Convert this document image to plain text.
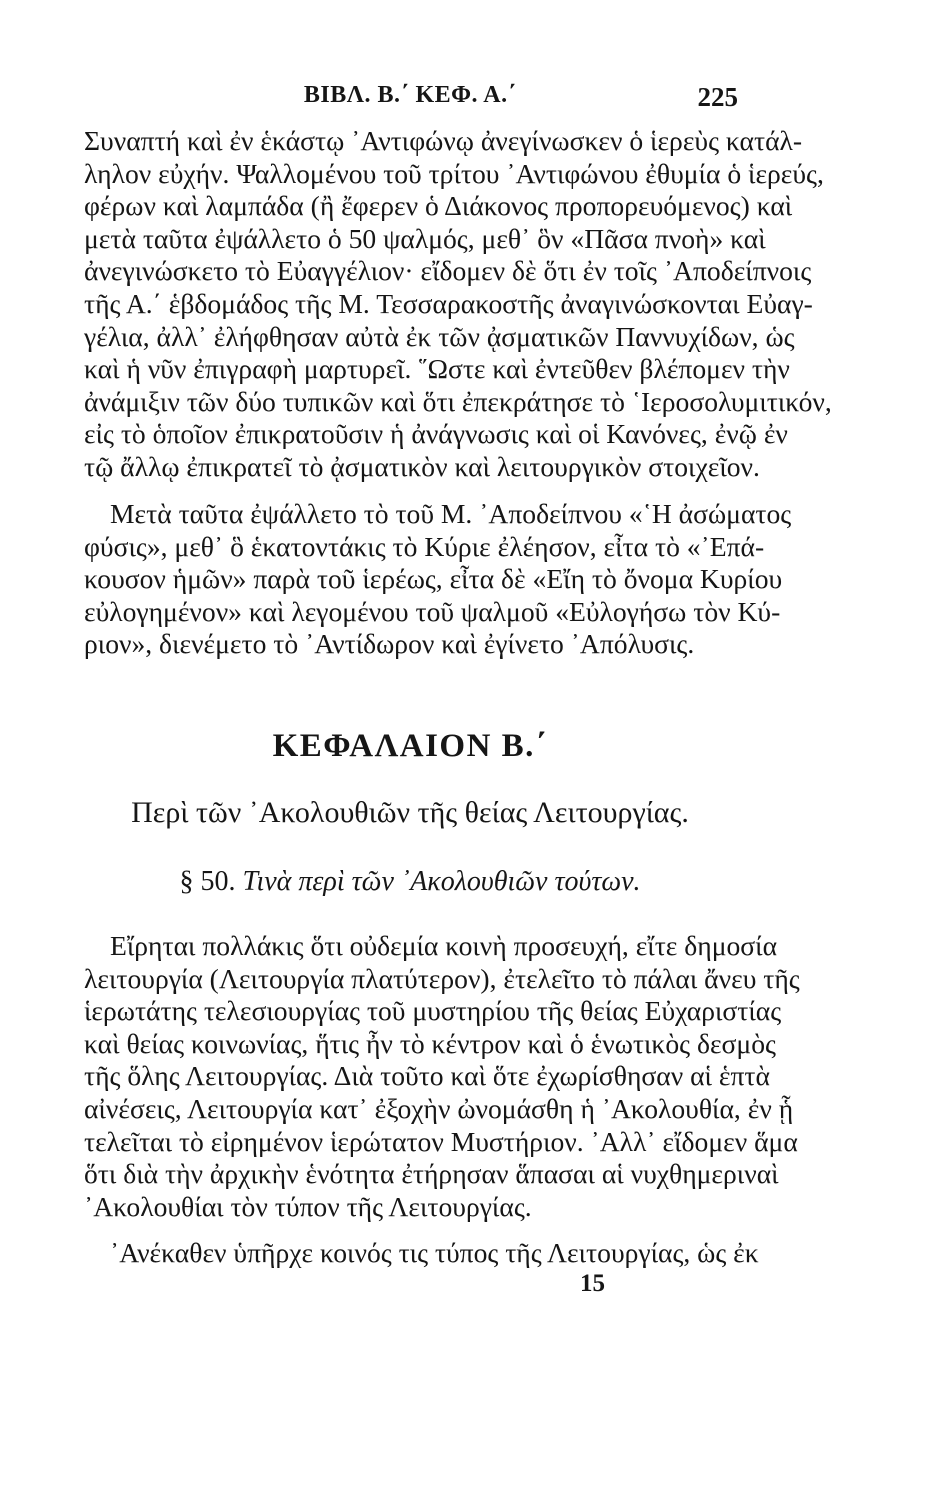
ΒΙΒΛ. Β.΄ ΚΕΦ. Α.΄	225
Συναπτή καὶ ἐν ἑκάστῳ ᾿Αντιφώνῳ ἀνεγίνωσκεν ὁ ἱερεὺς κατάλ-
ληλον εὐχήν. Ψαλλομένου τοῦ τρίτου ᾿Αντιφώνου ἐθυμία ὁ ἱερεύς,
φέρων καὶ λαμπάδα (ἢ ἔφερεν ὁ Διάκονος προπορευόμενος) καὶ
μετὰ ταῦτα ἐψάλλετο ὁ 50 ψαλμός, μεθ᾿ ὃν «Πᾶσα πνοὴ» καὶ
ἀνεγινώσκετο τὸ Εὐαγγέλιον· εἴδομεν δὲ ὅτι ἐν τοῖς ᾿Αποδείπνοις
τῆς Α.΄ ἑβδομάδος τῆς Μ. Τεσσαρακοστῆς ἀναγινώσκονται Εὐαγ-
γέλια, ἀλλ᾿ ἐλήφθησαν αὐτὰ ἐκ τῶν ᾀσματικῶν Παννυχίδων, ὡς
καὶ ἡ νῦν ἐπιγραφὴ μαρτυρεῖ. ῞Ωστε καὶ ἐντεῦθεν βλέπομεν τὴν
ἀνάμιξιν τῶν δύο τυπικῶν καὶ ὅτι ἐπεκράτησε τὸ ῾Ιεροσολυμιτικόν,
εἰς τὸ ὁποῖον ἐπικρατοῦσιν ἡ ἀνάγνωσις καὶ οἱ Κανόνες, ἐνῷ ἐν
τῷ ἄλλῳ ἐπικρατεῖ τὸ ᾀσματικὸν καὶ λειτουργικὸν στοιχεῖον.
Μετὰ ταῦτα ἐψάλλετο τὸ τοῦ Μ. ᾿Αποδείπνου «῾Η ἀσώματος
φύσις», μεθ᾿ ὃ ἑκατοντάκις τὸ Κύριε ἐλέησον, εἶτα τὸ «᾿Επά-
κουσον ἡμῶν» παρὰ τοῦ ἱερέως, εἶτα δὲ «Εἴη τὸ ὄνομα Κυρίου
εὐλογημένον» καὶ λεγομένου τοῦ ψαλμοῦ «Εὐλογήσω τὸν Κύ-
ριον», διενέμετο τὸ ᾿Αντίδωρον καὶ ἐγίνετο ᾿Απόλυσις.
ΚΕΦΑΛΑΙΟΝ Β.΄
Περὶ τῶν ᾿Ακολουθιῶν τῆς θείας Λειτουργίας.
§ 50. Τινὰ περὶ τῶν ᾿Ακολουθιῶν τούτων.
Εἴρηται πολλάκις ὅτι οὐδεμία κοινὴ προσευχή, εἴτε δημοσία
λειτουργία (Λειτουργία πλατύτερον), ἐτελεῖτο τὸ πάλαι ἄνευ τῆς
ἱερωτάτης τελεσιουργίας τοῦ μυστηρίου τῆς θείας Εὐχαριστίας
καὶ θείας κοινωνίας, ἥτις ἦν τὸ κέντρον καὶ ὁ ἑνωτικὸς δεσμὸς
τῆς ὅλης Λειτουργίας. Διὰ τοῦτο καὶ ὅτε ἐχωρίσθησαν αἱ ἑπτὰ
αἰνέσεις, Λειτουργία κατ᾿ ἐξοχὴν ὠνομάσθη ἡ ᾿Ακολουθία, ἐν ᾗ
τελεῖται τὸ εἰρημένον ἱερώτατον Μυστήριον. ᾿Αλλ᾿ εἴδομεν ἅμα
ὅτι διὰ τὴν ἀρχικὴν ἑνότητα ἐτήρησαν ἅπασαι αἱ νυχθημεριναὶ
᾿Ακολουθίαι τὸν τύπον τῆς Λειτουργίας.
᾿Ανέκαθεν ὑπῆρχε κοινός τις τύπος τῆς Λειτουργίας, ὡς ἐκ
15
